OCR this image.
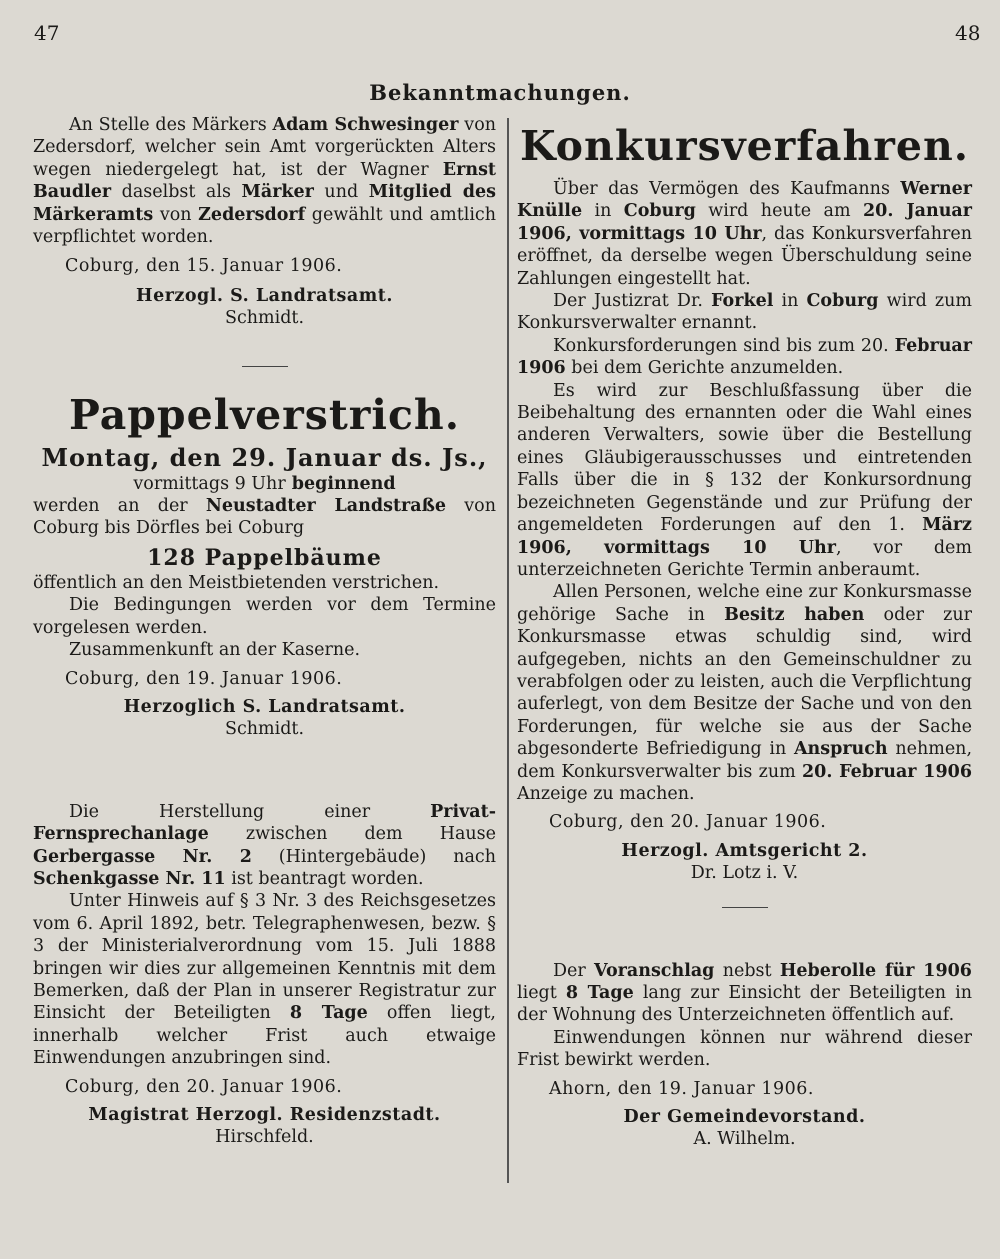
47	48
Bekanntmachungen.

An Stelle des Märkers Adam Schwesinger von Zedersdorf, welcher sein Amt vorgerückten Alters wegen niedergelegt hat, ist der Wagner Ernst Baudler daselbst als Märker und Mitglied des Märkeramts von Zedersdorf gewählt und amtlich verpflichtet worden.

Coburg, den 15. Januar 1906.

Herzogl. S. Landratsamt.
Schmidt.
Pappelverstrich.
Montag, den 29. Januar ds. Js.,
vormittags 9 Uhr beginnend

werden an der Neustadter Landstraße von Coburg bis Dörfles bei Coburg

128 Pappelbäume

öffentlich an den Meistbietenden verstrichen.

Die Bedingungen werden vor dem Termine vorgelesen werden.

Zusammenkunft an der Kaserne.

Coburg, den 19. Januar 1906.

Herzoglich S. Landratsamt.
Schmidt.

Die Herstellung einer Privat-Fernsprechanlage zwischen dem Hause Gerbergasse Nr. 2 (Hintergebäude) nach Schenkgasse Nr. 11 ist beantragt worden.

Unter Hinweis auf § 3 Nr. 3 des Reichsgesetzes vom 6. April 1892, betr. Telegraphenwesen, bezw. § 3 der Ministerialverordnung vom 15. Juli 1888 bringen wir dies zur allgemeinen Kenntnis mit dem Bemerken, daß der Plan in unserer Registratur zur Einsicht der Beteiligten 8 Tage offen liegt, innerhalb welcher Frist auch etwaige Einwendungen anzubringen sind.

Coburg, den 20. Januar 1906.

Magistrat Herzogl. Residenzstadt.
Hirschfeld.
Konkursverfahren.

Über das Vermögen des Kaufmanns Werner Knülle in Coburg wird heute am 20. Januar 1906, vormittags 10 Uhr, das Konkursverfahren eröffnet, da derselbe wegen Überschuldung seine Zahlungen eingestellt hat.

Der Justizrat Dr. Forkel in Coburg wird zum Konkursverwalter ernannt.

Konkursforderungen sind bis zum 20. Februar 1906 bei dem Gerichte anzumelden.

Es wird zur Beschlußfassung über die Beibehaltung des ernannten oder die Wahl eines anderen Verwalters, sowie über die Bestellung eines Gläubigerausschusses und eintretenden Falls über die in § 132 der Konkursordnung bezeichneten Gegenstände und zur Prüfung der angemeldeten Forderungen auf den 1. März 1906, vormittags 10 Uhr, vor dem unterzeichneten Gerichte Termin anberaumt.

Allen Personen, welche eine zur Konkursmasse gehörige Sache in Besitz haben oder zur Konkursmasse etwas schuldig sind, wird aufgegeben, nichts an den Gemeinschuldner zu verabfolgen oder zu leisten, auch die Verpflichtung auferlegt, von dem Besitze der Sache und von den Forderungen, für welche sie aus der Sache abgesonderte Befriedigung in Anspruch nehmen, dem Konkursverwalter bis zum 20. Februar 1906 Anzeige zu machen.

Coburg, den 20. Januar 1906.

Herzogl. Amtsgericht 2.
Dr. Lotz i. V.

Der Voranschlag nebst Heberolle für 1906 liegt 8 Tage lang zur Einsicht der Beteiligten in der Wohnung des Unterzeichneten öffentlich auf.

Einwendungen können nur während dieser Frist bewirkt werden.

Ahorn, den 19. Januar 1906.

Der Gemeindevorstand.
A. Wilhelm.
